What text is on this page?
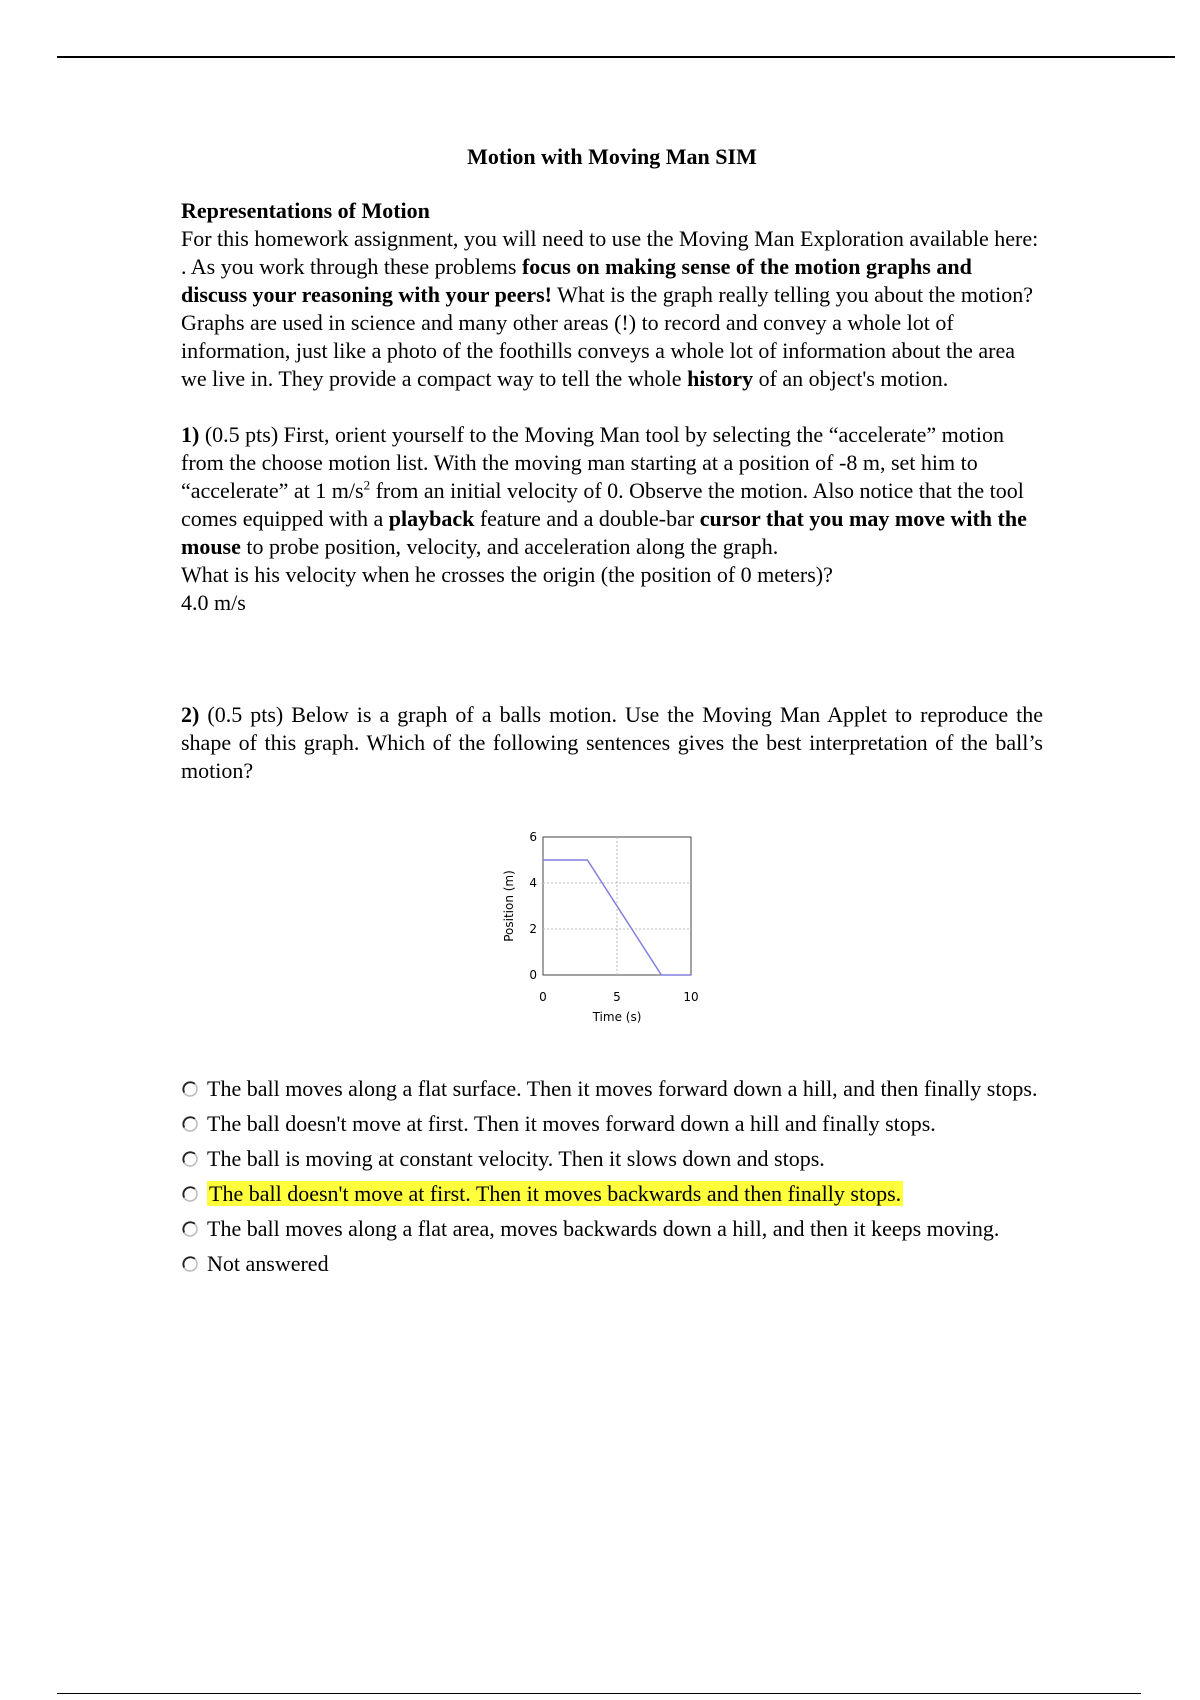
Motion with Moving Man SIM

Representations of Motion
For this homework assignment, you will need to use the Moving Man Exploration available here: . As you work through these problems focus on making sense of the motion graphs and discuss your reasoning with your peers! What is the graph really telling you about the motion? Graphs are used in science and many other areas (!) to record and convey a whole lot of information, just like a photo of the foothills conveys a whole lot of information about the area we live in. They provide a compact way to tell the whole history of an object's motion.

1) (0.5 pts) First, orient yourself to the Moving Man tool by selecting the “accelerate” motion from the choose motion list. With the moving man starting at a position of -8 m, set him to “accelerate” at 1 $m/s^2$ from an initial velocity of 0. Observe the motion. Also notice that the tool comes equipped with a playback feature and a double-bar cursor that you may move with the mouse to probe position, velocity, and acceleration along the graph.
What is his velocity when he crosses the origin (the position of 0 meters)?
4.0 m/s

2) (0.5 pts) Below is a graph of a balls motion. Use the Moving Man Applet to reproduce the shape of this graph. Which of the following sentences gives the best interpretation of the ball’s motion?

0
2
4
6
0	5	10
Time (s)
Position (m)
The ball moves along a flat surface. Then it moves forward down a hill, and then finally stops.
The ball doesn't move at first. Then it moves forward down a hill and finally stops.
The ball is moving at constant velocity. Then it slows down and stops.
The ball doesn't move at first. Then it moves backwards and then finally stops.
The ball moves along a flat area, moves backwards down a hill, and then it keeps moving.
Not answered
